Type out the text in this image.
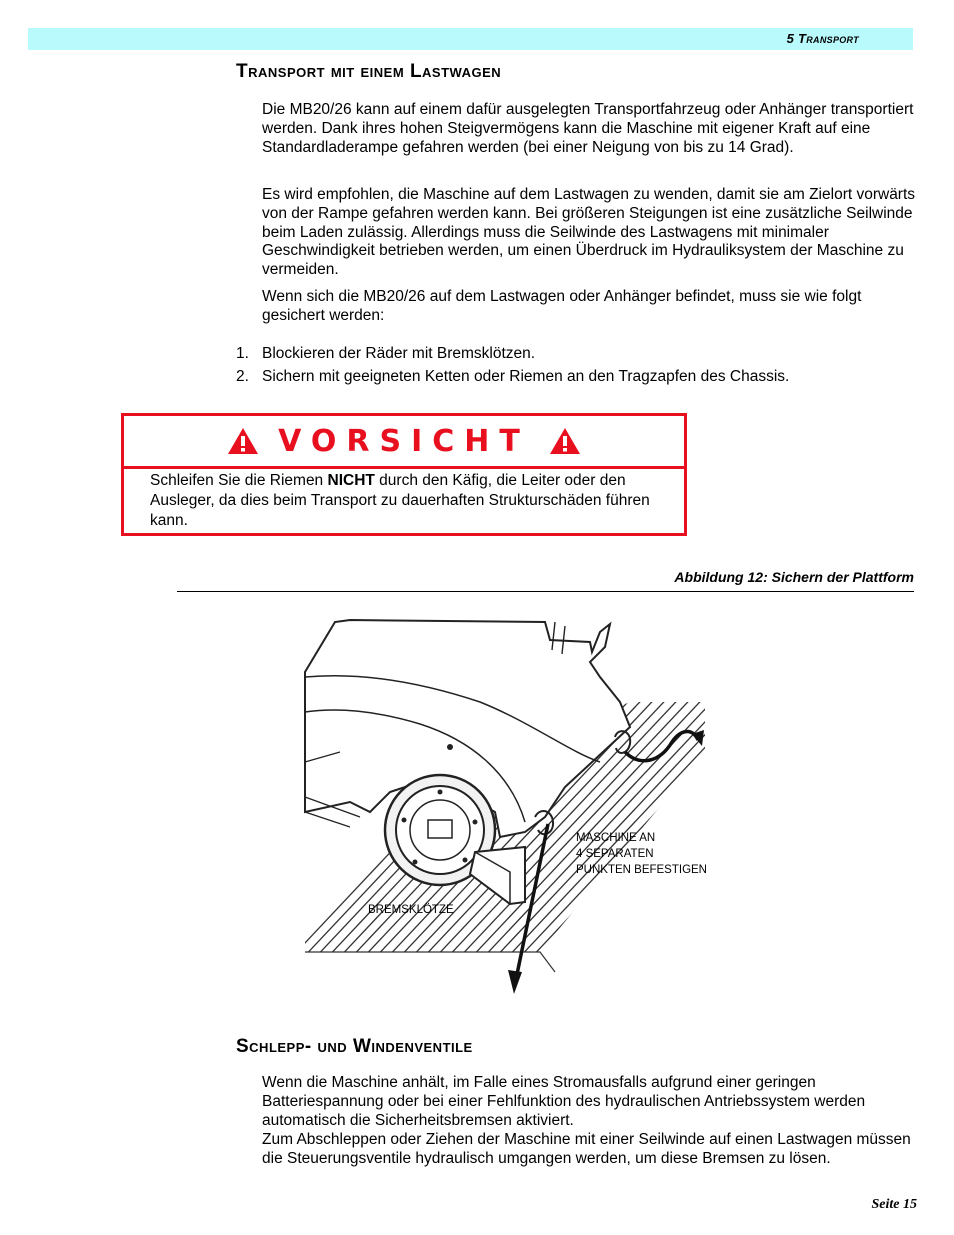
5 Transport
Transport mit einem Lastwagen

Die MB20/26 kann auf einem dafür ausgelegten Transportfahrzeug oder Anhänger transportiert werden. Dank ihres hohen Steigvermögens kann die Maschine mit eigener Kraft auf eine Standardladerampe gefahren werden (bei einer Neigung von bis zu 14 Grad).

Es wird empfohlen, die Maschine auf dem Lastwagen zu wenden, damit sie am Zielort vorwärts von der Rampe gefahren werden kann. Bei größeren Steigungen ist eine zusätzliche Seilwinde beim Laden zulässig. Allerdings muss die Seilwinde des Lastwagens mit minimaler Geschwindigkeit betrieben werden, um einen Überdruck im Hydrauliksystem der Maschine zu vermeiden.

Wenn sich die MB20/26 auf dem Lastwagen oder Anhänger befindet, muss sie wie folgt gesichert werden:

1. Blockieren der Räder mit Bremsklötzen.
2. Sichern mit geeigneten Ketten oder Riemen an den Tragzapfen des Chassis.
VORSICHT
Schleifen Sie die Riemen NICHT durch den Käfig, die Leiter oder den Ausleger, da dies beim Transport zu dauerhaften Strukturschäden führen kann.
Abbildung 12: Sichern der Plattform
MASCHINE AN
4 SEPARATEN
PUNKTEN BEFESTIGEN
BREMSKLÖTZE
Schlepp- und Windenventile

Wenn die Maschine anhält, im Falle eines Stromausfalls aufgrund einer geringen Batteriespannung oder bei einer Fehlfunktion des hydraulischen Antriebssystem werden automatisch die Sicherheitsbremsen aktiviert.

Zum Abschleppen oder Ziehen der Maschine mit einer Seilwinde auf einen Lastwagen müssen die Steuerungsventile hydraulisch umgangen werden, um diese Bremsen zu lösen.

Seite 15
